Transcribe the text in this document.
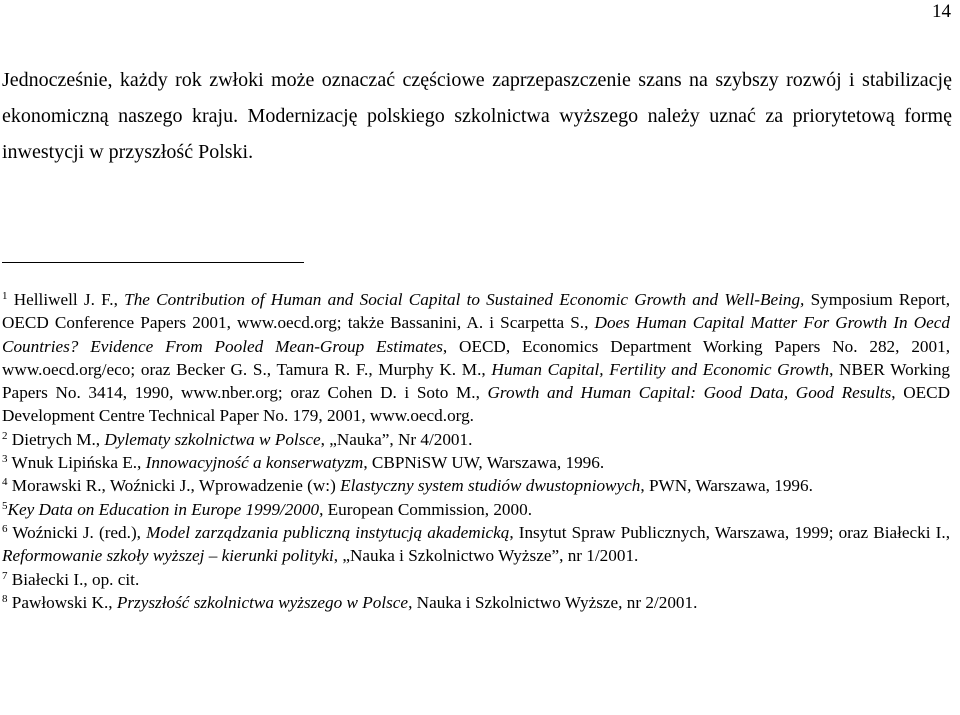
14

Jednocześnie, każdy rok zwłoki może oznaczać częściowe zaprzepaszczenie szans na szybszy rozwój i stabilizację ekonomiczną naszego kraju. Modernizację polskiego szkolnictwa wyższego należy uznać za priorytetową formę inwestycji w przyszłość Polski.

$^1$ Helliwell J. F., The Contribution of Human and Social Capital to Sustained Economic Growth and Well-Being, Symposium Report, OECD Conference Papers 2001, www.oecd.org; także Bassanini, A. i Scarpetta S., Does Human Capital Matter For Growth In Oecd Countries? Evidence From Pooled Mean-Group Estimates, OECD, Economics Department Working Papers No. 282, 2001, www.oecd.org/eco; oraz Becker G. S., Tamura R. F., Murphy K. M., Human Capital, Fertility and Economic Growth, NBER Working Papers No. 3414, 1990, www.nber.org; oraz Cohen D. i Soto M., Growth and Human Capital: Good Data, Good Results, OECD Development Centre Technical Paper No. 179, 2001, www.oecd.org.

$^2$ Dietrych M., Dylematy szkolnictwa w Polsce, „Nauka”, Nr 4/2001.

$^3$ Wnuk Lipińska E., Innowacyjność a konserwatyzm, CBPNiSW UW, Warszawa, 1996.

$^4$ Morawski R., Woźnicki J., Wprowadzenie (w:) Elastyczny system studiów dwustopniowych, PWN, Warszawa, 1996.

$^5$Key Data on Education in Europe 1999/2000, European Commission, 2000.

$^6$ Woźnicki J. (red.), Model zarządzania publiczną instytucją akademicką, Insytut Spraw Publicznych, Warszawa, 1999; oraz Białecki I., Reformowanie szkoły wyższej – kierunki polityki, „Nauka i Szkolnictwo Wyższe”, nr 1/2001.

$^7$ Białecki I., op. cit.

$^8$ Pawłowski K., Przyszłość szkolnictwa wyższego w Polsce, Nauka i Szkolnictwo Wyższe, nr 2/2001.
